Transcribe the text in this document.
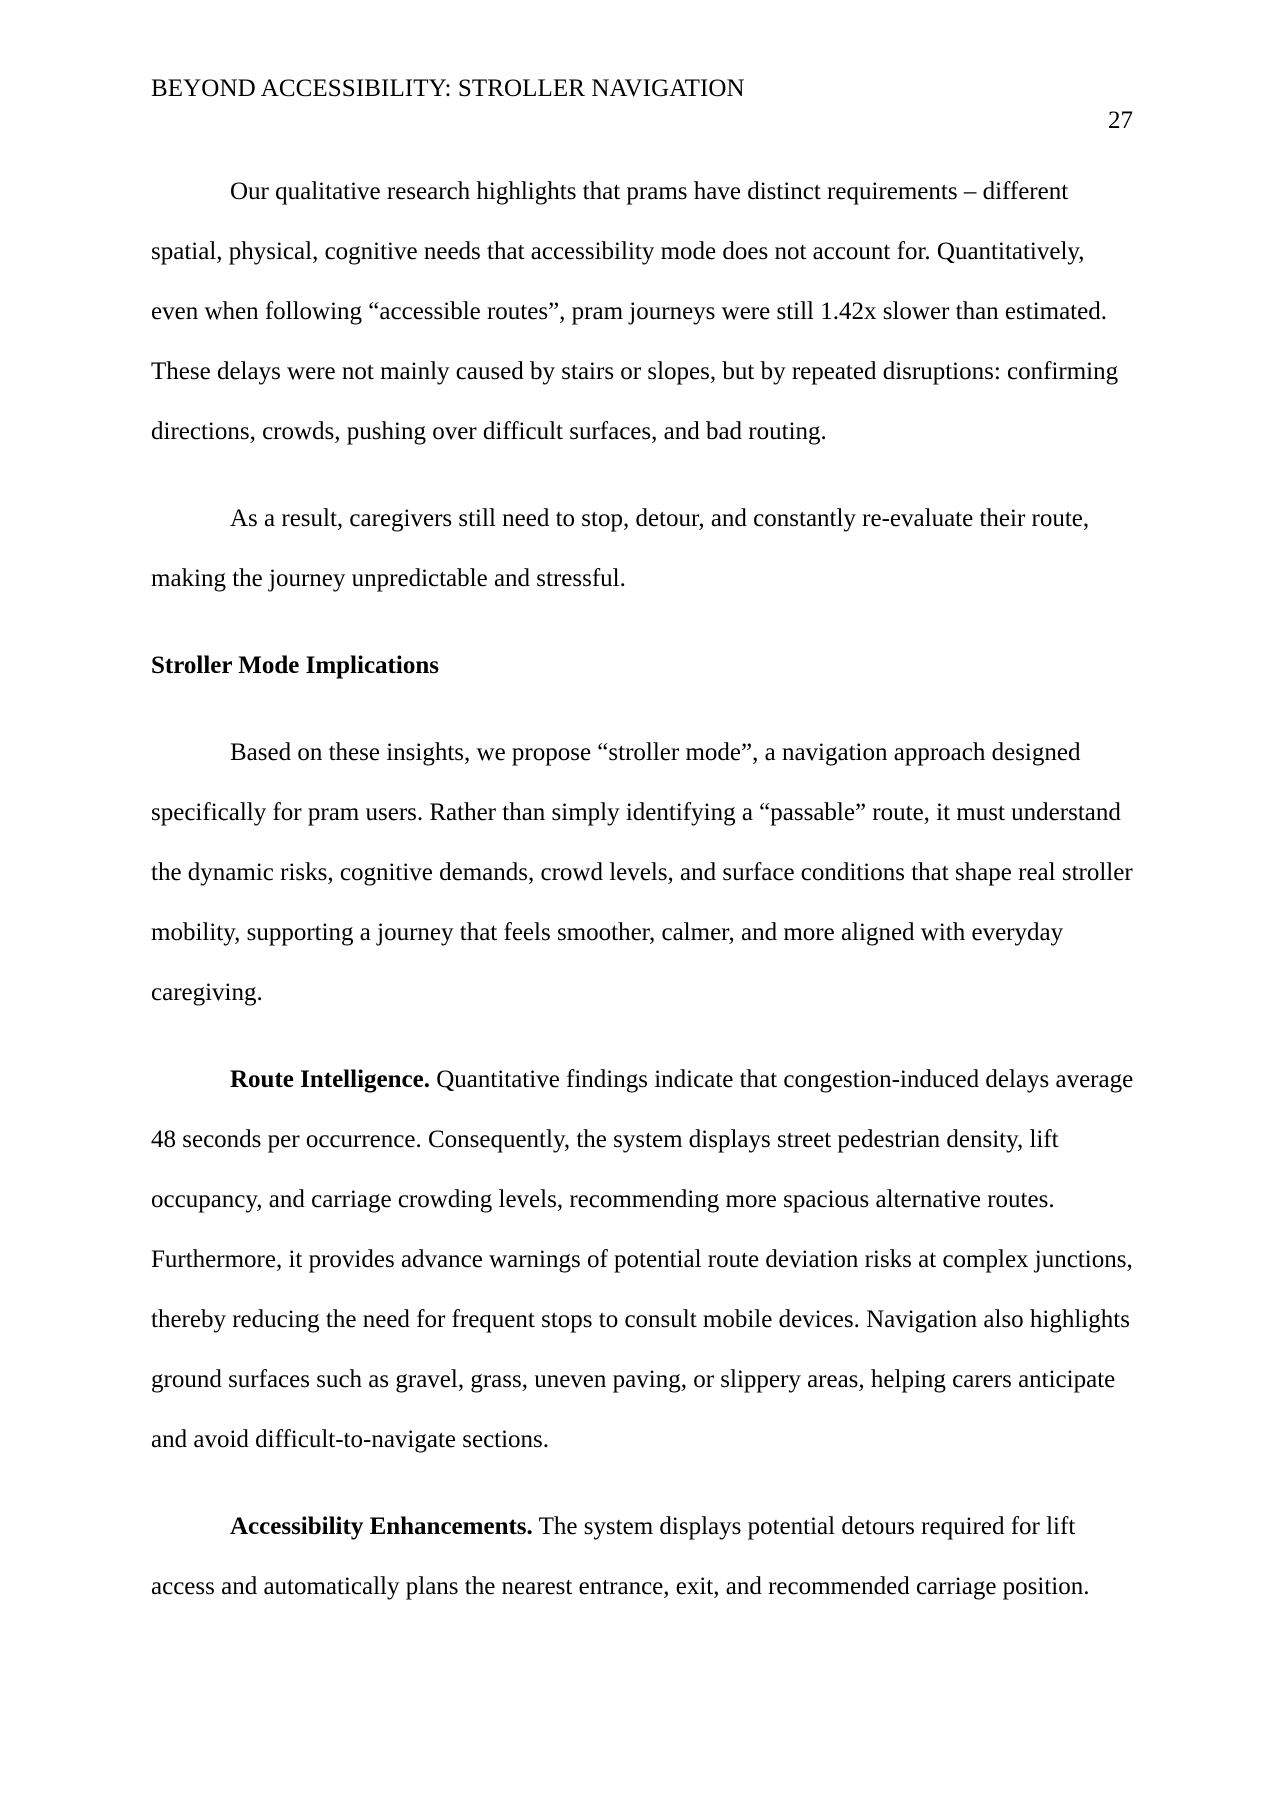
BEYOND ACCESSIBILITY: STROLLER NAVIGATION
27

Our qualitative research highlights that prams have distinct requirements – different spatial, physical, cognitive needs that accessibility mode does not account for. Quantitatively, even when following “accessible routes”, pram journeys were still 1.42x slower than estimated. These delays were not mainly caused by stairs or slopes, but by repeated disruptions: confirming directions, crowds, pushing over difficult surfaces, and bad routing.

As a result, caregivers still need to stop, detour, and constantly re-evaluate their route, making the journey unpredictable and stressful.

Stroller Mode Implications

Based on these insights, we propose “stroller mode”, a navigation approach designed specifically for pram users. Rather than simply identifying a “passable” route, it must understand the dynamic risks, cognitive demands, crowd levels, and surface conditions that shape real stroller mobility, supporting a journey that feels smoother, calmer, and more aligned with everyday caregiving.

Route Intelligence. Quantitative findings indicate that congestion-induced delays average 48 seconds per occurrence. Consequently, the system displays street pedestrian density, lift occupancy, and carriage crowding levels, recommending more spacious alternative routes. Furthermore, it provides advance warnings of potential route deviation risks at complex junctions, thereby reducing the need for frequent stops to consult mobile devices. Navigation also highlights ground surfaces such as gravel, grass, uneven paving, or slippery areas, helping carers anticipate and avoid difficult-to-navigate sections.

Accessibility Enhancements. The system displays potential detours required for lift access and automatically plans the nearest entrance, exit, and recommended carriage position.
